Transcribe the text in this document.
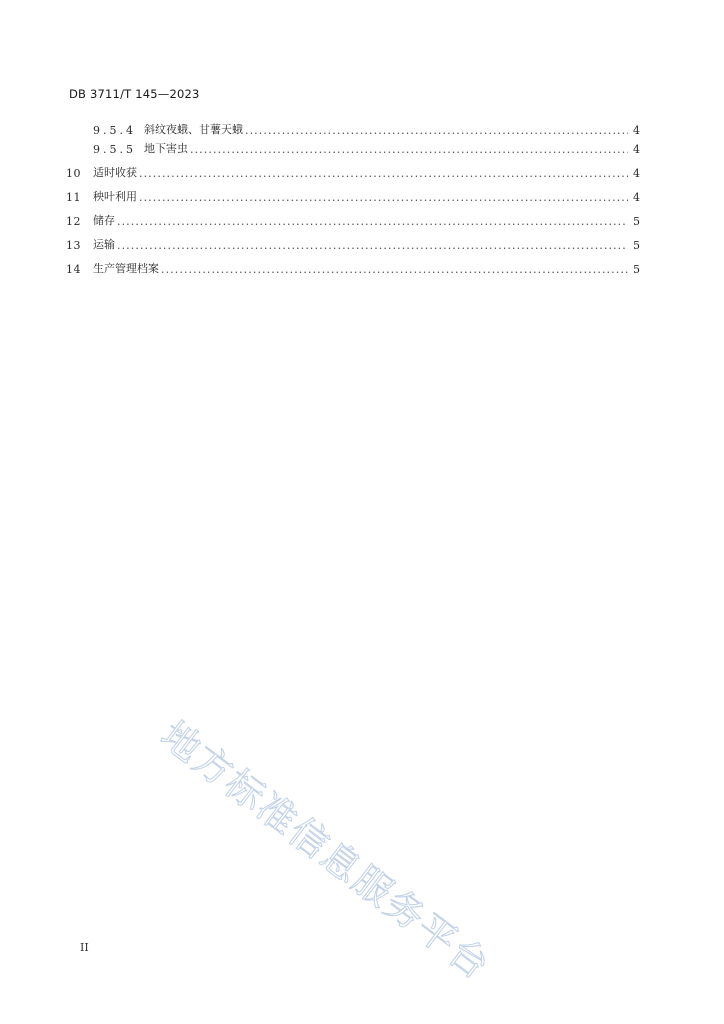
DB 3711/T 145—2023
9.5.4 斜纹夜蛾、甘薯天蛾 . . .	4
9.5.5 地下害虫 . . .	4
10	适时收获 . . .	4
11	秧叶利用 . . .	4
12	储存 . . .	5
13	运输 . . .	5
14	生产管理档案 . . .	5
地方标准信息服务平台
II
